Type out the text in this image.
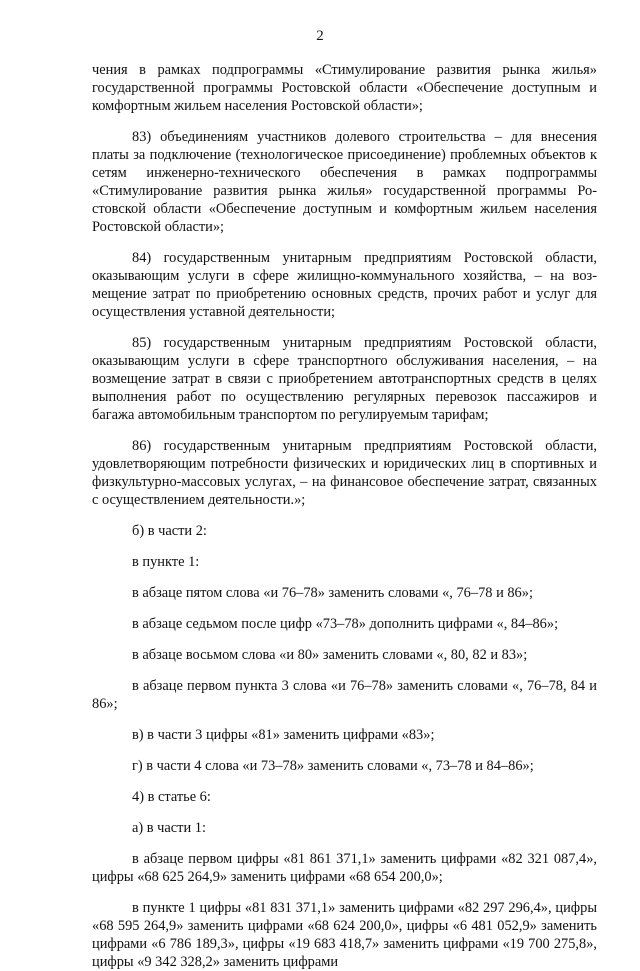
2

чения в рамках подпрограммы «Стимулирование развития рынка жилья» государственной программы Ростовской области «Обеспечение доступным и комфортным жильем населения Ростовской области»;

83) объединениям участников долевого строительства – для внесения платы за подключение (технологическое присоединение) проблемных объектов к сетям инженерно-технического обеспечения в рамках подпрограммы «Стимулирование развития рынка жилья» государственной программы Ростовской области «Обеспечение доступным и комфортным жильем населения Ростовской области»;

84) государственным унитарным предприятиям Ростовской области, оказывающим услуги в сфере жилищно-коммунального хозяйства, – на возмещение затрат по приобретению основных средств, прочих работ и услуг для осуществления уставной деятельности;

85) государственным унитарным предприятиям Ростовской области, оказывающим услуги в сфере транспортного обслуживания населения, – на возмещение затрат в связи с приобретением автотранспортных средств в целях выполнения работ по осуществлению регулярных перевозок пассажиров и багажа автомобильным транспортом по регулируемым тарифам;

86) государственным унитарным предприятиям Ростовской области, удовлетворяющим потребности физических и юридических лиц в спортивных и физкультурно-массовых услугах, – на финансовое обеспечение затрат, связанных с осуществлением деятельности.»;

б) в части 2:

в пункте 1:

в абзаце пятом слова «и 76–78» заменить словами «, 76–78 и 86»;

в абзаце седьмом после цифр «73–78» дополнить цифрами «, 84–86»;

в абзаце восьмом слова «и 80» заменить словами «, 80, 82 и 83»;

в абзаце первом пункта 3 слова «и 76–78» заменить словами «, 76–78, 84 и 86»;

в) в части 3 цифры «81» заменить цифрами «83»;

г) в части 4 слова «и 73–78» заменить словами «, 73–78 и 84–86»;

4) в статье 6:

а) в части 1:

в абзаце первом цифры «81 861 371,1» заменить цифрами «82 321 087,4», цифры «68 625 264,9» заменить цифрами «68 654 200,0»;

в пункте 1 цифры «81 831 371,1» заменить цифрами «82 297 296,4», цифры «68 595 264,9» заменить цифрами «68 624 200,0», цифры «6 481 052,9» заменить цифрами «6 786 189,3», цифры «19 683 418,7» заменить цифрами «19 700 275,8», цифры «9 342 328,2» заменить цифрами
